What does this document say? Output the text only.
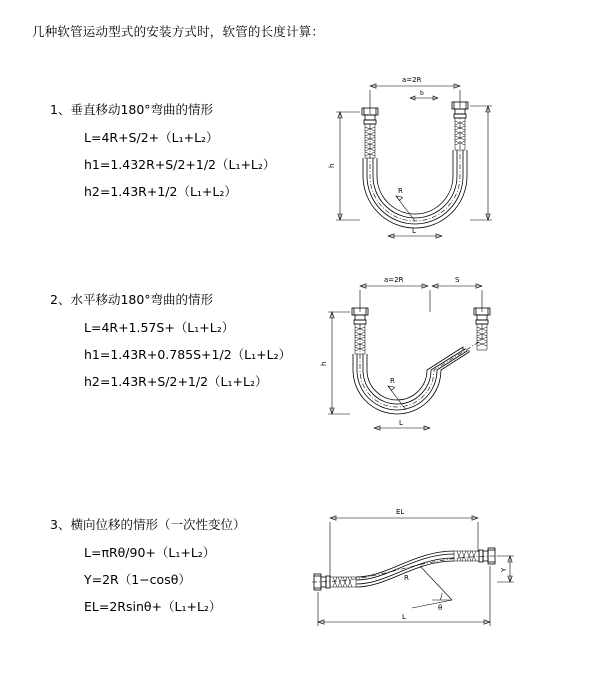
几种软管运动型式的安装方式时，软管的长度计算：

1、垂直移动180°弯曲的情形

L=4R+S/2+（L₁+L₂）

h1=1.432R+S/2+1/2（L₁+L₂）

h2=1.43R+1/2（L₁+L₂）

a=2R
b
R
h
L

2、水平移动180°弯曲的情形

L=4R+1.57S+（L₁+L₂）

h1=1.43R+0.785S+1/2（L₁+L₂）

h2=1.43R+S/2+1/2（L₁+L₂）

a=2R	S
R
h
L

3、横向位移的情形（一次性变位）

L=πRθ/90+（L₁+L₂）

Y=2R（1−cosθ）

EL=2Rsinθ+（L₁+L₂）

EL
θ
R
Y
L
